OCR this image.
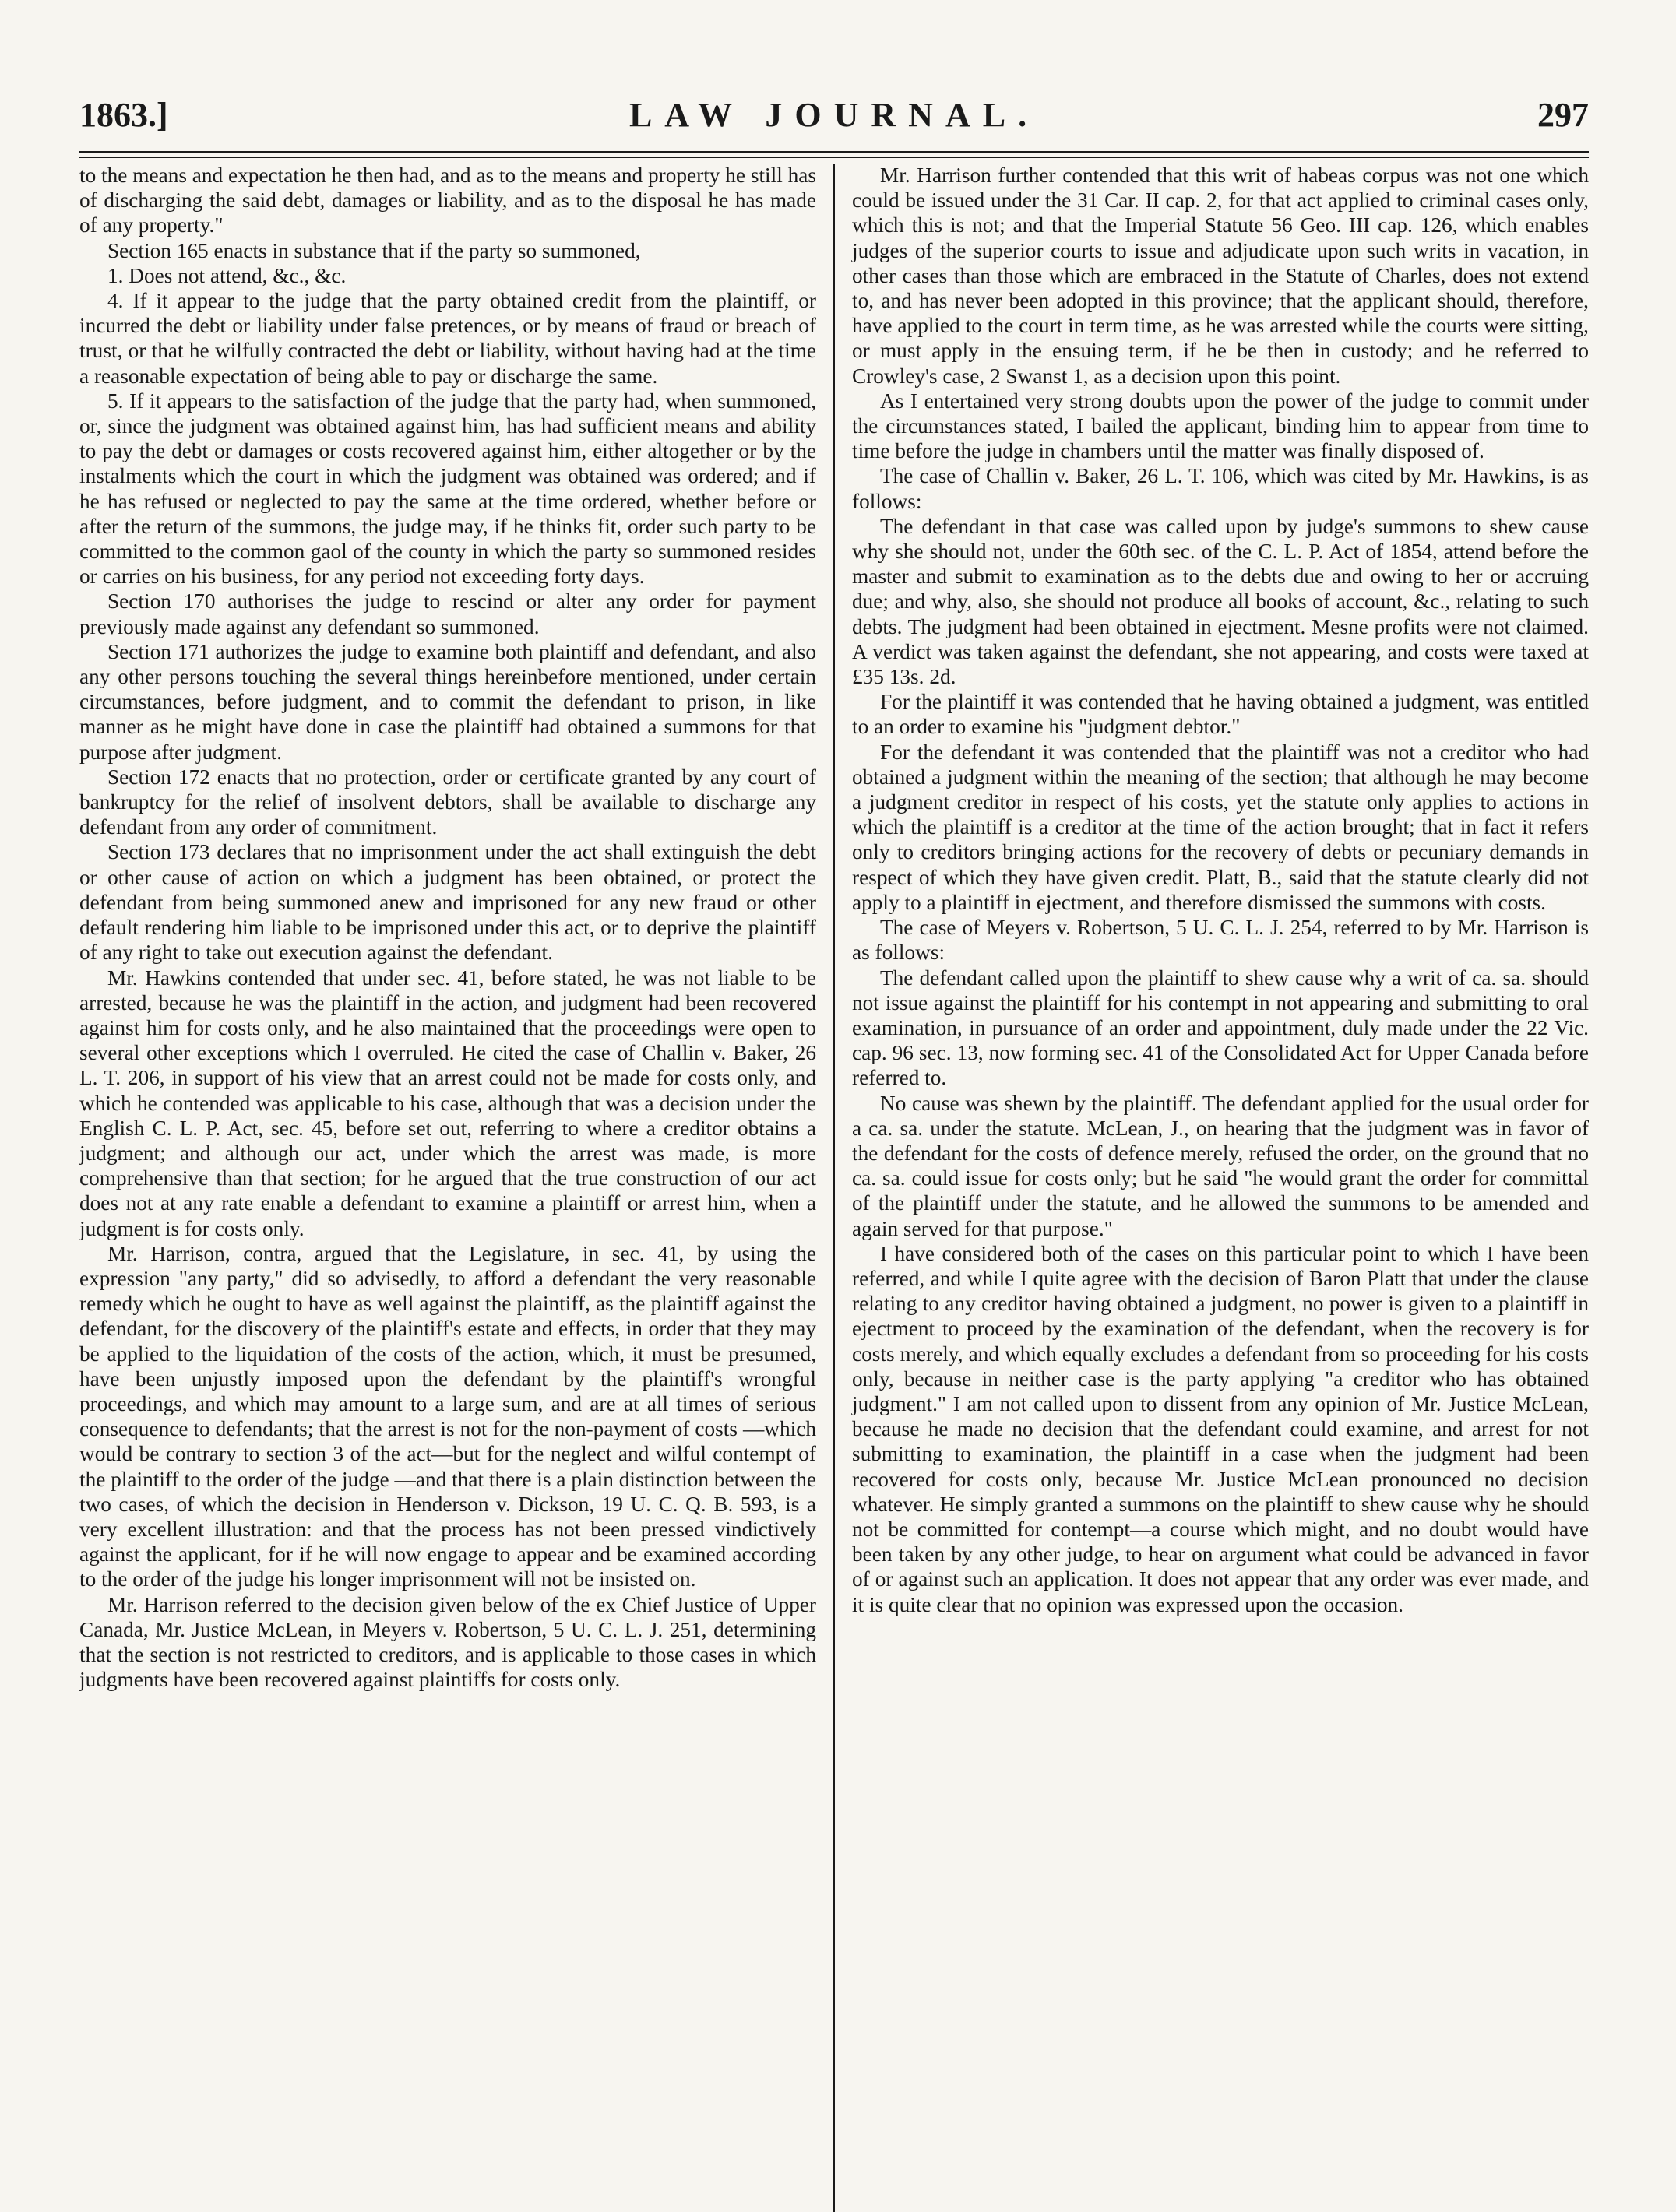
1863.]	LAW JOURNAL.	297

to the means and expectation he then had, and as to the means and property he still has of discharging the said debt, damages or liability, and as to the disposal he has made of any property."

Section 165 enacts in substance that if the party so summoned,

1. Does not attend, &c., &c.

4. If it appear to the judge that the party obtained credit from the plaintiff, or incurred the debt or liability under false pretences, or by means of fraud or breach of trust, or that he wilfully contracted the debt or liability, without having had at the time a reasonable expectation of being able to pay or discharge the same.

5. If it appears to the satisfaction of the judge that the party had, when summoned, or, since the judgment was obtained against him, has had sufficient means and ability to pay the debt or damages or costs recovered against him, either altogether or by the instalments which the court in which the judgment was obtained was ordered; and if he has refused or neglected to pay the same at the time ordered, whether before or after the return of the summons, the judge may, if he thinks fit, order such party to be committed to the common gaol of the county in which the party so summoned resides or carries on his business, for any period not exceeding forty days.

Section 170 authorises the judge to rescind or alter any order for payment previously made against any defendant so summoned.

Section 171 authorizes the judge to examine both plaintiff and defendant, and also any other persons touching the several things hereinbefore mentioned, under certain circumstances, before judgment, and to commit the defendant to prison, in like manner as he might have done in case the plaintiff had obtained a summons for that purpose after judgment.

Section 172 enacts that no protection, order or certificate granted by any court of bankruptcy for the relief of insolvent debtors, shall be available to discharge any defendant from any order of commitment.

Section 173 declares that no imprisonment under the act shall extinguish the debt or other cause of action on which a judgment has been obtained, or protect the defendant from being summoned anew and imprisoned for any new fraud or other default rendering him liable to be imprisoned under this act, or to deprive the plaintiff of any right to take out execution against the defendant.

Mr. Hawkins contended that under sec. 41, before stated, he was not liable to be arrested, because he was the plaintiff in the action, and judgment had been recovered against him for costs only, and he also maintained that the proceedings were open to several other exceptions which I overruled. He cited the case of Challin v. Baker, 26 L. T. 206, in support of his view that an arrest could not be made for costs only, and which he contended was applicable to his case, although that was a decision under the English C. L. P. Act, sec. 45, before set out, referring to where a creditor obtains a judgment; and although our act, under which the arrest was made, is more comprehensive than that section; for he argued that the true construction of our act does not at any rate enable a defendant to examine a plaintiff or arrest him, when a judgment is for costs only.

Mr. Harrison, contra, argued that the Legislature, in sec. 41, by using the expression "any party," did so advisedly, to afford a defendant the very reasonable remedy which he ought to have as well against the plaintiff, as the plaintiff against the defendant, for the discovery of the plaintiff's estate and effects, in order that they may be applied to the liquidation of the costs of the action, which, it must be presumed, have been unjustly imposed upon the defendant by the plaintiff's wrongful proceedings, and which may amount to a large sum, and are at all times of serious consequence to defendants; that the arrest is not for the non-payment of costs —which would be contrary to section 3 of the act—but for the neglect and wilful contempt of the plaintiff to the order of the judge —and that there is a plain distinction between the two cases, of which the decision in Henderson v. Dickson, 19 U. C. Q. B. 593, is a very excellent illustration: and that the process has not been pressed vindictively against the applicant, for if he will now engage to appear and be examined according to the order of the judge his longer imprisonment will not be insisted on.

Mr. Harrison referred to the decision given below of the ex Chief Justice of Upper Canada, Mr. Justice McLean, in Meyers v. Robertson, 5 U. C. L. J. 251, determining that the section is not restricted to creditors, and is applicable to those cases in which judgments have been recovered against plaintiffs for costs only.

Mr. Harrison further contended that this writ of habeas corpus was not one which could be issued under the 31 Car. II cap. 2, for that act applied to criminal cases only, which this is not; and that the Imperial Statute 56 Geo. III cap. 126, which enables judges of the superior courts to issue and adjudicate upon such writs in vacation, in other cases than those which are embraced in the Statute of Charles, does not extend to, and has never been adopted in this province; that the applicant should, therefore, have applied to the court in term time, as he was arrested while the courts were sitting, or must apply in the ensuing term, if he be then in custody; and he referred to Crowley's case, 2 Swanst 1, as a decision upon this point.

As I entertained very strong doubts upon the power of the judge to commit under the circumstances stated, I bailed the applicant, binding him to appear from time to time before the judge in chambers until the matter was finally disposed of.

The case of Challin v. Baker, 26 L. T. 106, which was cited by Mr. Hawkins, is as follows:

The defendant in that case was called upon by judge's summons to shew cause why she should not, under the 60th sec. of the C. L. P. Act of 1854, attend before the master and submit to examination as to the debts due and owing to her or accruing due; and why, also, she should not produce all books of account, &c., relating to such debts. The judgment had been obtained in ejectment. Mesne profits were not claimed. A verdict was taken against the defendant, she not appearing, and costs were taxed at £35 13s. 2d.

For the plaintiff it was contended that he having obtained a judgment, was entitled to an order to examine his "judgment debtor."

For the defendant it was contended that the plaintiff was not a creditor who had obtained a judgment within the meaning of the section; that although he may become a judgment creditor in respect of his costs, yet the statute only applies to actions in which the plaintiff is a creditor at the time of the action brought; that in fact it refers only to creditors bringing actions for the recovery of debts or pecuniary demands in respect of which they have given credit. Platt, B., said that the statute clearly did not apply to a plaintiff in ejectment, and therefore dismissed the summons with costs.

The case of Meyers v. Robertson, 5 U. C. L. J. 254, referred to by Mr. Harrison is as follows:

The defendant called upon the plaintiff to shew cause why a writ of ca. sa. should not issue against the plaintiff for his contempt in not appearing and submitting to oral examination, in pursuance of an order and appointment, duly made under the 22 Vic. cap. 96 sec. 13, now forming sec. 41 of the Consolidated Act for Upper Canada before referred to.

No cause was shewn by the plaintiff. The defendant applied for the usual order for a ca. sa. under the statute. McLean, J., on hearing that the judgment was in favor of the defendant for the costs of defence merely, refused the order, on the ground that no ca. sa. could issue for costs only; but he said "he would grant the order for committal of the plaintiff under the statute, and he allowed the summons to be amended and again served for that purpose."

I have considered both of the cases on this particular point to which I have been referred, and while I quite agree with the decision of Baron Platt that under the clause relating to any creditor having obtained a judgment, no power is given to a plaintiff in ejectment to proceed by the examination of the defendant, when the recovery is for costs merely, and which equally excludes a defendant from so proceeding for his costs only, because in neither case is the party applying "a creditor who has obtained judgment." I am not called upon to dissent from any opinion of Mr. Justice McLean, because he made no decision that the defendant could examine, and arrest for not submitting to examination, the plaintiff in a case when the judgment had been recovered for costs only, because Mr. Justice McLean pronounced no decision whatever. He simply granted a summons on the plaintiff to shew cause why he should not be committed for contempt—a course which might, and no doubt would have been taken by any other judge, to hear on argument what could be advanced in favor of or against such an application. It does not appear that any order was ever made, and it is quite clear that no opinion was expressed upon the occasion.
